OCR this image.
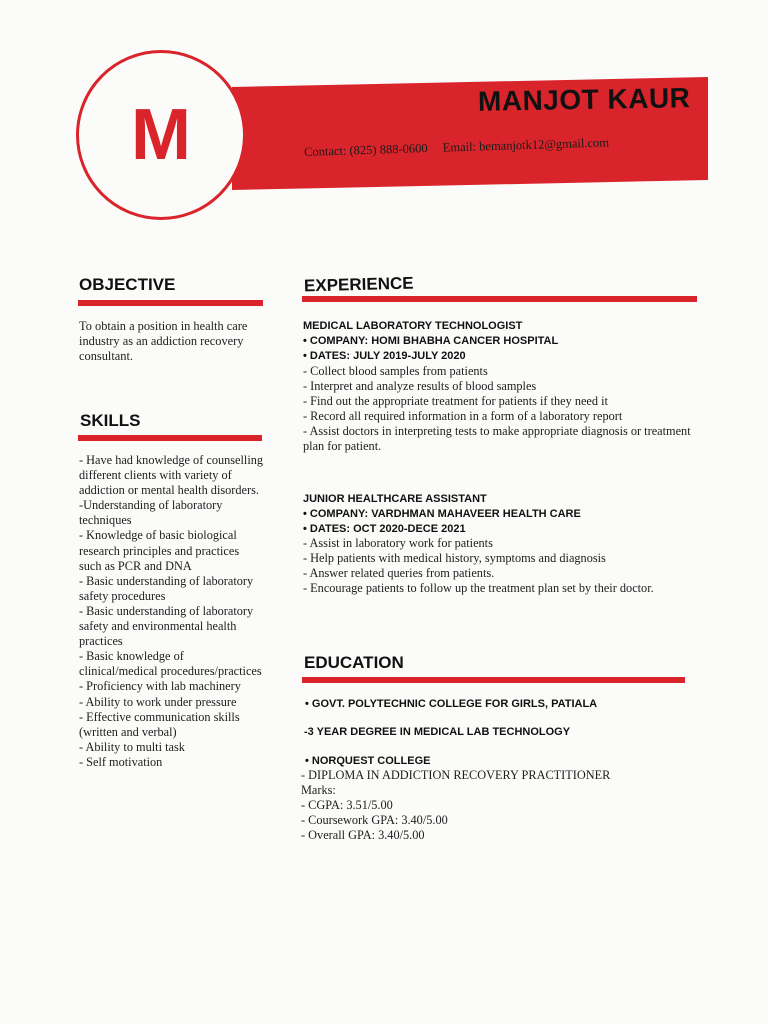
M	MANJOT KAUR
Contact: (825) 888-0600 Email: bemanjotk12@gmail.com
OBJECTIVE
To obtain a position in health care industry as an addiction recovery consultant.
SKILLS
- Have had knowledge of counselling different clients with variety of addiction or mental health disorders.
-Understanding of laboratory techniques
- Knowledge of basic biological research principles and practices such as PCR and DNA
- Basic understanding of laboratory safety procedures
- Basic understanding of laboratory safety and environmental health practices
- Basic knowledge of clinical/medical procedures/practices
- Proficiency with lab machinery
- Ability to work under pressure
- Effective communication skills (written and verbal)
- Ability to multi task
- Self motivation
EXPERIENCE
MEDICAL LABORATORY TECHNOLOGIST
• COMPANY: HOMI BHABHA CANCER HOSPITAL
• DATES: JULY 2019-JULY 2020
- Collect blood samples from patients
- Interpret and analyze results of blood samples
- Find out the appropriate treatment for patients if they need it
- Record all required information in a form of a laboratory report
- Assist doctors in interpreting tests to make appropriate diagnosis or treatment plan for patient.
JUNIOR HEALTHCARE ASSISTANT
• COMPANY: VARDHMAN MAHAVEER HEALTH CARE
• DATES: OCT 2020-DECE 2021
- Assist in laboratory work for patients
- Help patients with medical history, symptoms and diagnosis
- Answer related queries from patients.
- Encourage patients to follow up the treatment plan set by their doctor.
EDUCATION
• GOVT. POLYTECHNIC COLLEGE FOR GIRLS, PATIALA
-3 YEAR DEGREE IN MEDICAL LAB TECHNOLOGY
• NORQUEST COLLEGE
- DIPLOMA IN ADDICTION RECOVERY PRACTITIONER
Marks:
- CGPA: 3.51/5.00
- Coursework GPA: 3.40/5.00
- Overall GPA: 3.40/5.00
